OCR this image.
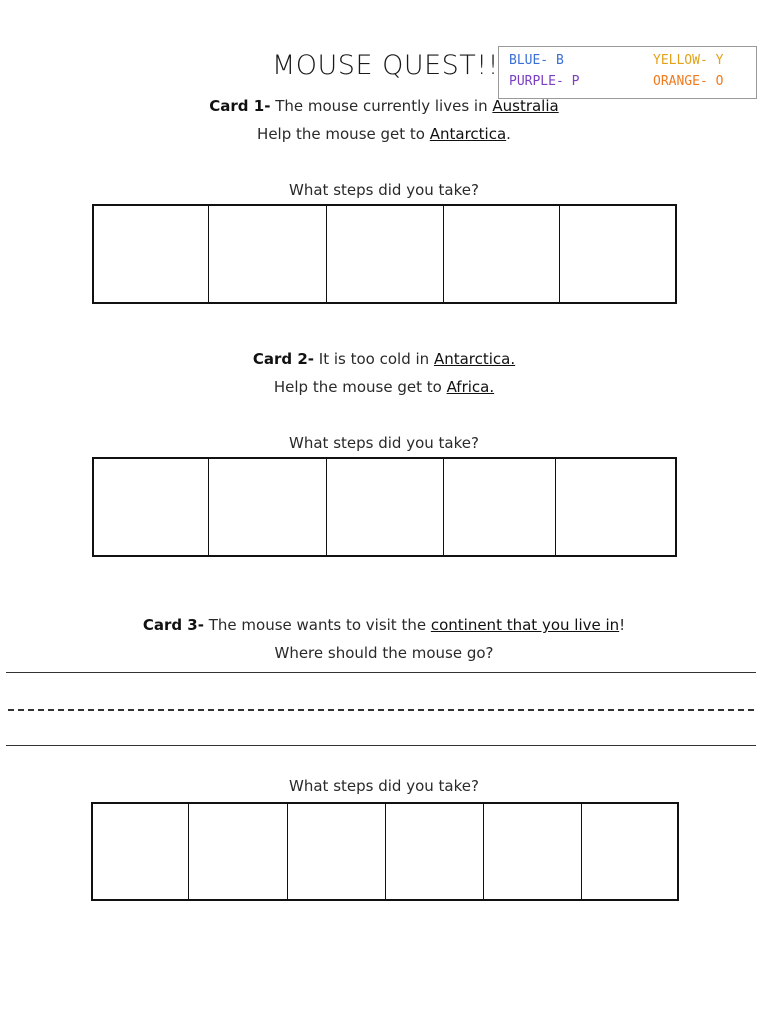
MOUSE QUEST!! BLUE- B	YELLOW- Y
PURPLE- P	ORANGE- O
Card 1- The mouse currently lives in Australia
Help the mouse get to Antarctica.
What steps did you take?
Card 2- It is too cold in Antarctica.
Help the mouse get to Africa.
What steps did you take?
Card 3- The mouse wants to visit the continent that you live in!
Where should the mouse go?
What steps did you take?
